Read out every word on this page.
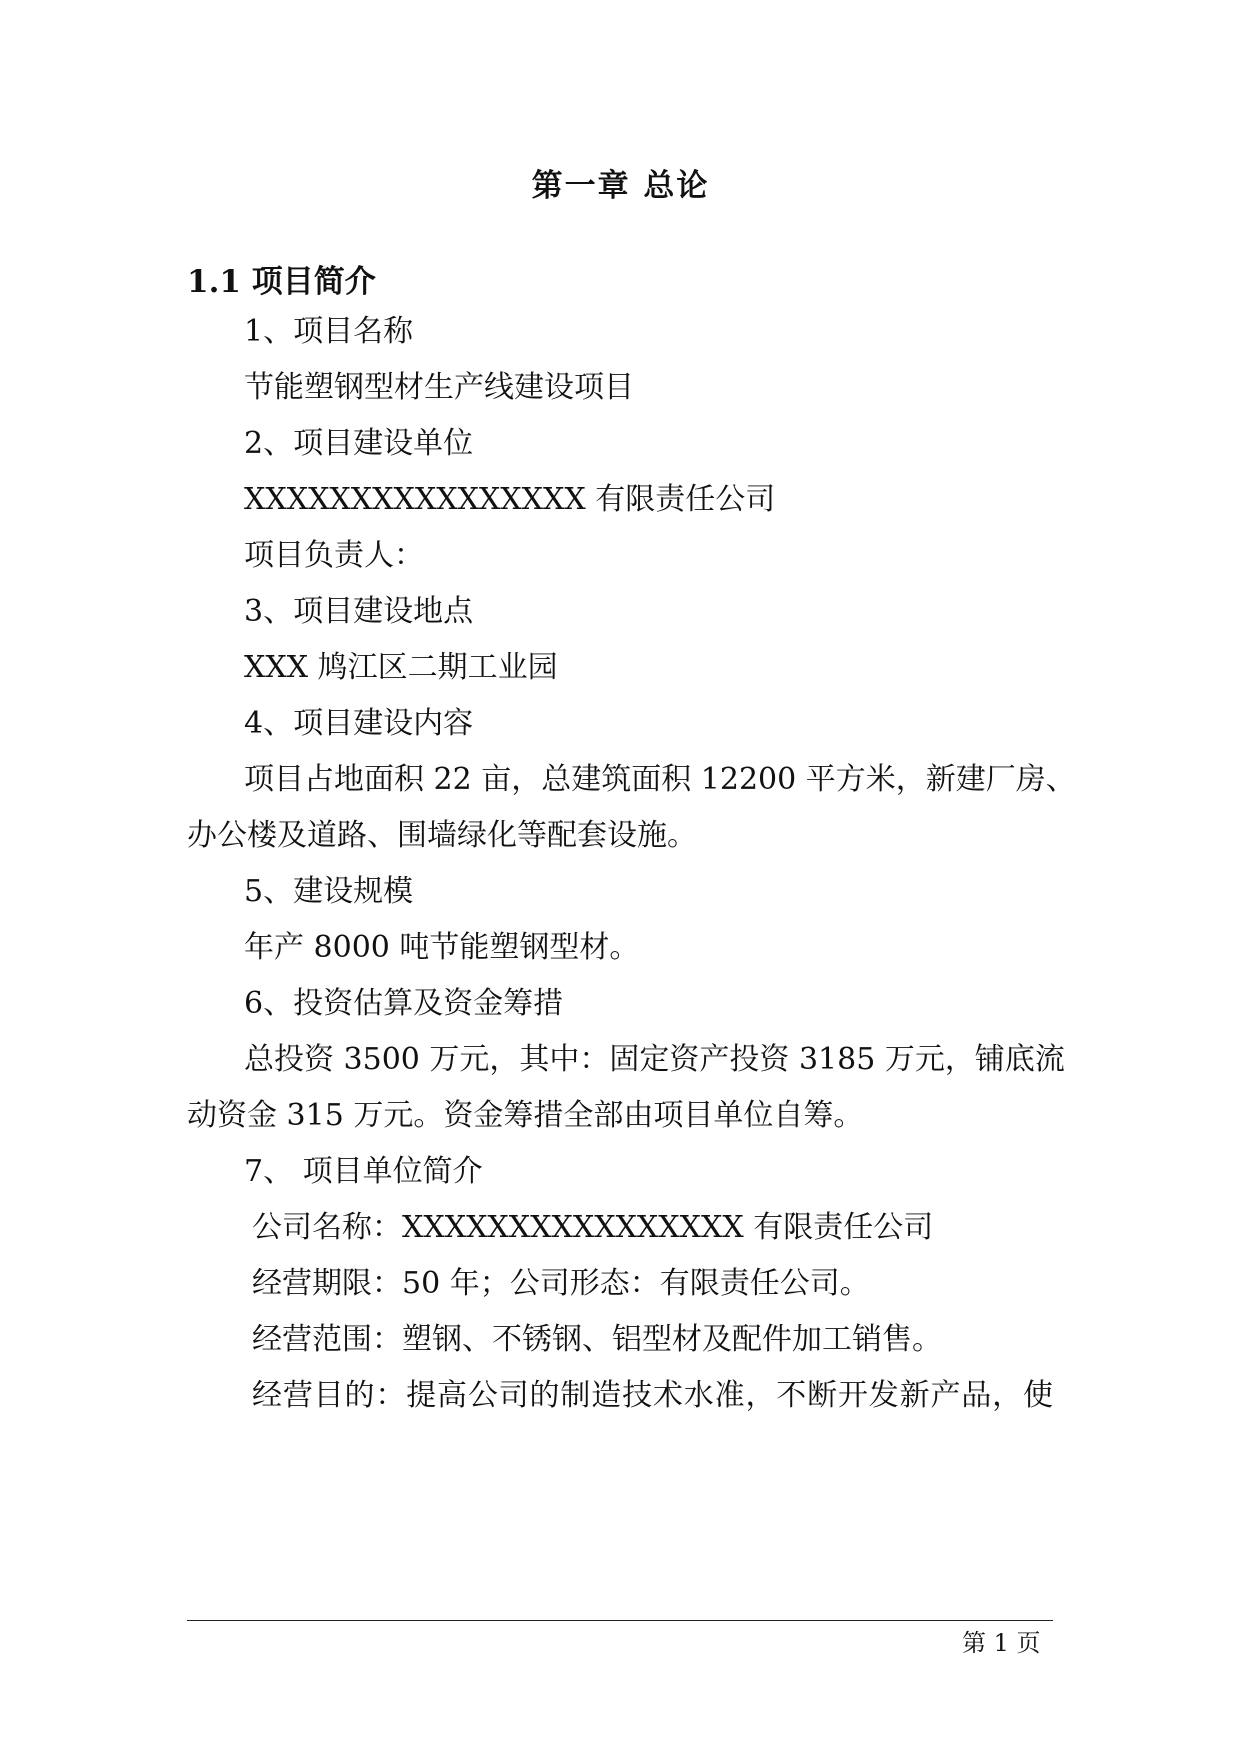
第一章 总论
1.1 项目简介
1、项目名称
节能塑钢型材生产线建设项目
2、项目建设单位
XXXXXXXXXXXXXXXX 有限责任公司
项目负责人：
3、项目建设地点
XXX 鸠江区二期工业园
4、项目建设内容
项目占地面积 22 亩，总建筑面积 12200 平方米，新建厂房、
办公楼及道路、围墙绿化等配套设施。
5、建设规模
年产 8000 吨节能塑钢型材。
6、投资估算及资金筹措
总投资 3500 万元，其中：固定资产投资 3185 万元，铺底流
动资金 315 万元。资金筹措全部由项目单位自筹。
7、 项目单位简介
公司名称：XXXXXXXXXXXXXXXX 有限责任公司
经营期限：50 年；公司形态：有限责任公司。
经营范围：塑钢、不锈钢、铝型材及配件加工销售。
经营目的：提高公司的制造技术水准，不断开发新产品，使
第 1 页
